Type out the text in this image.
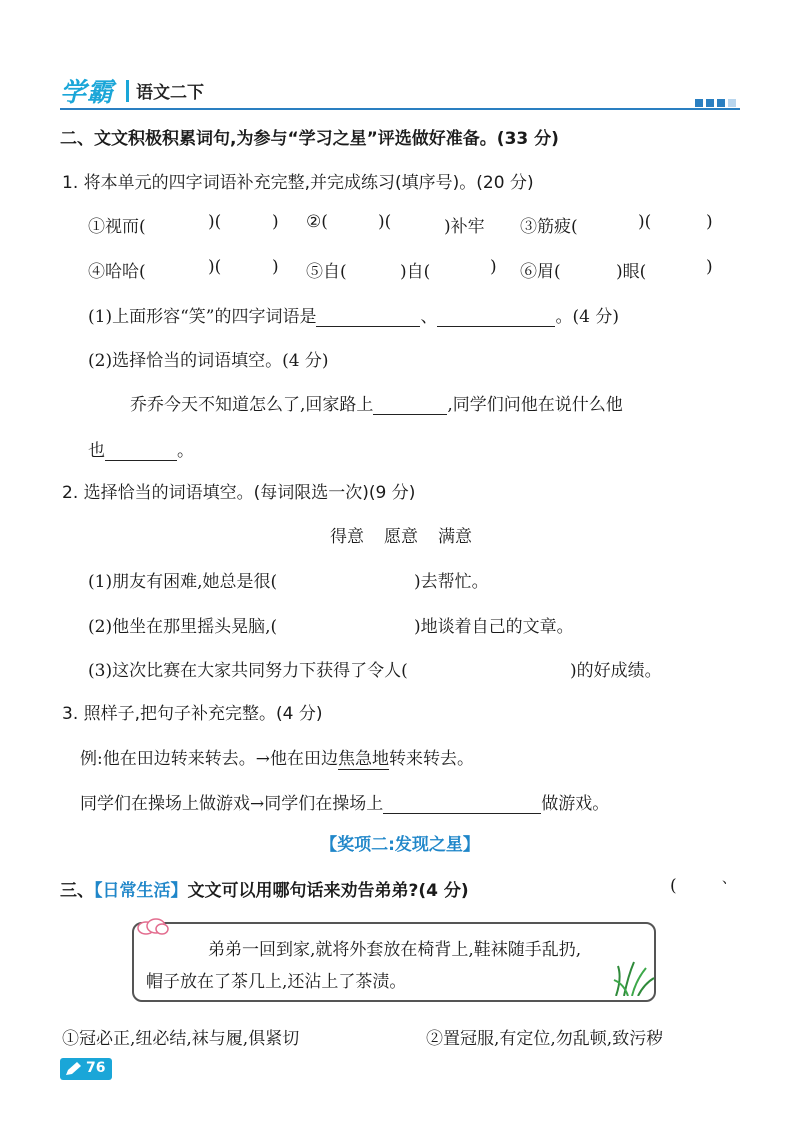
学霸 语文二下
二、文文积极积累词句,为参与“学习之星”评选做好准备。(33 分)
1. 将本单元的四字词语补充完整,并完成练习(填序号)。(20 分)
①视而(	)(	) ②(	)(	)补牢 ③筋疲(	)(	)
④哈哈(	)(	) ⑤自(	)自(	) ⑥眉(	)眼(	)
(1)上面形容“笑”的四字词语是	、	。(4 分)
(2)选择恰当的词语填空。(4 分)
乔乔今天不知道怎么了,回家路上	,同学们问他在说什么他
也	。
2. 选择恰当的词语填空。(每词限选一次)(9 分)
得意 愿意 满意
(1)朋友有困难,她总是很(	)去帮忙。
(2)他坐在那里摇头晃脑,(	)地谈着自己的文章。
(3)这次比赛在大家共同努力下获得了令人(	)的好成绩。
3. 照样子,把句子补充完整。(4 分)
例:他在田边转来转去。→他在田边焦急地转来转去。
同学们在操场上做游戏→同学们在操场上	做游戏。
【奖项二:发现之星】
三、【日常生活】文文可以用哪句话来劝告弟弟?(4 分)	(	、
弟弟一回到家,就将外套放在椅背上,鞋袜随手乱扔,
帽子放在了茶几上,还沾上了茶渍。
①冠必正,纽必结,袜与履,俱紧切	②置冠服,有定位,勿乱顿,致污秽
76
